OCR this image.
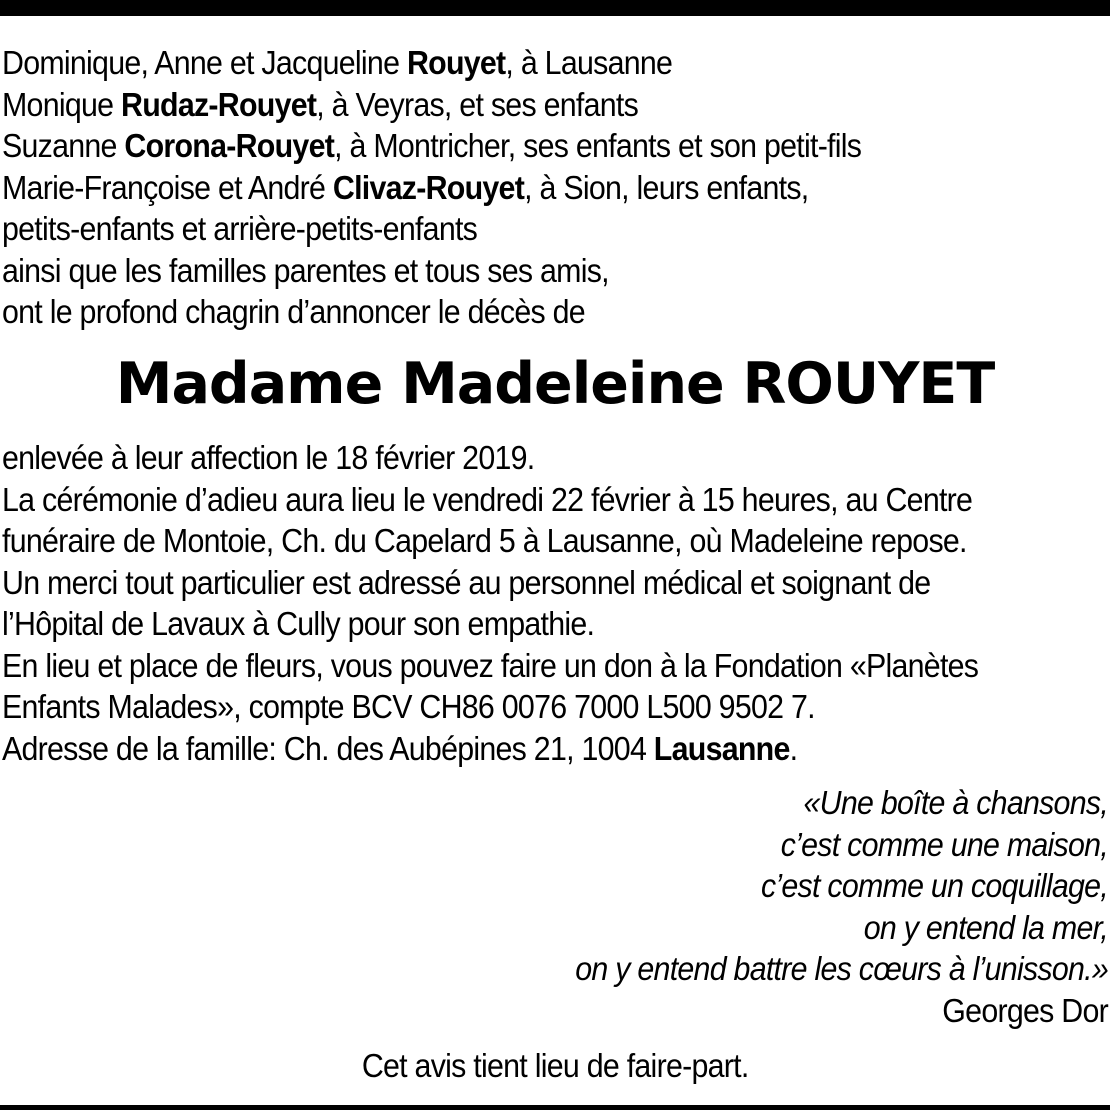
Dominique, Anne et Jacqueline Rouyet, à Lausanne
Monique Rudaz-Rouyet, à Veyras, et ses enfants
Suzanne Corona-Rouyet, à Montricher, ses enfants et son petit-fils
Marie-Françoise et André Clivaz-Rouyet, à Sion, leurs enfants,
petits-enfants et arrière-petits-enfants
ainsi que les familles parentes et tous ses amis,
ont le profond chagrin d’annoncer le décès de
Madame Madeleine ROUYET
enlevée à leur affection le 18 février 2019.
La cérémonie d’adieu aura lieu le vendredi 22 février à 15 heures, au Centre
funéraire de Montoie, Ch. du Capelard 5 à Lausanne, où Madeleine repose.
Un merci tout particulier est adressé au personnel médical et soignant de
l’Hôpital de Lavaux à Cully pour son empathie.
En lieu et place de fleurs, vous pouvez faire un don à la Fondation «Planètes
Enfants Malades», compte BCV CH86 0076 7000 L500 9502 7.
Adresse de la famille: Ch. des Aubépines 21, 1004 Lausanne.
«Une boîte à chansons,
c’est comme une maison,
c’est comme un coquillage,
on y entend la mer,
on y entend battre les cœurs à l’unisson.»
Georges Dor
Cet avis tient lieu de faire-part.
